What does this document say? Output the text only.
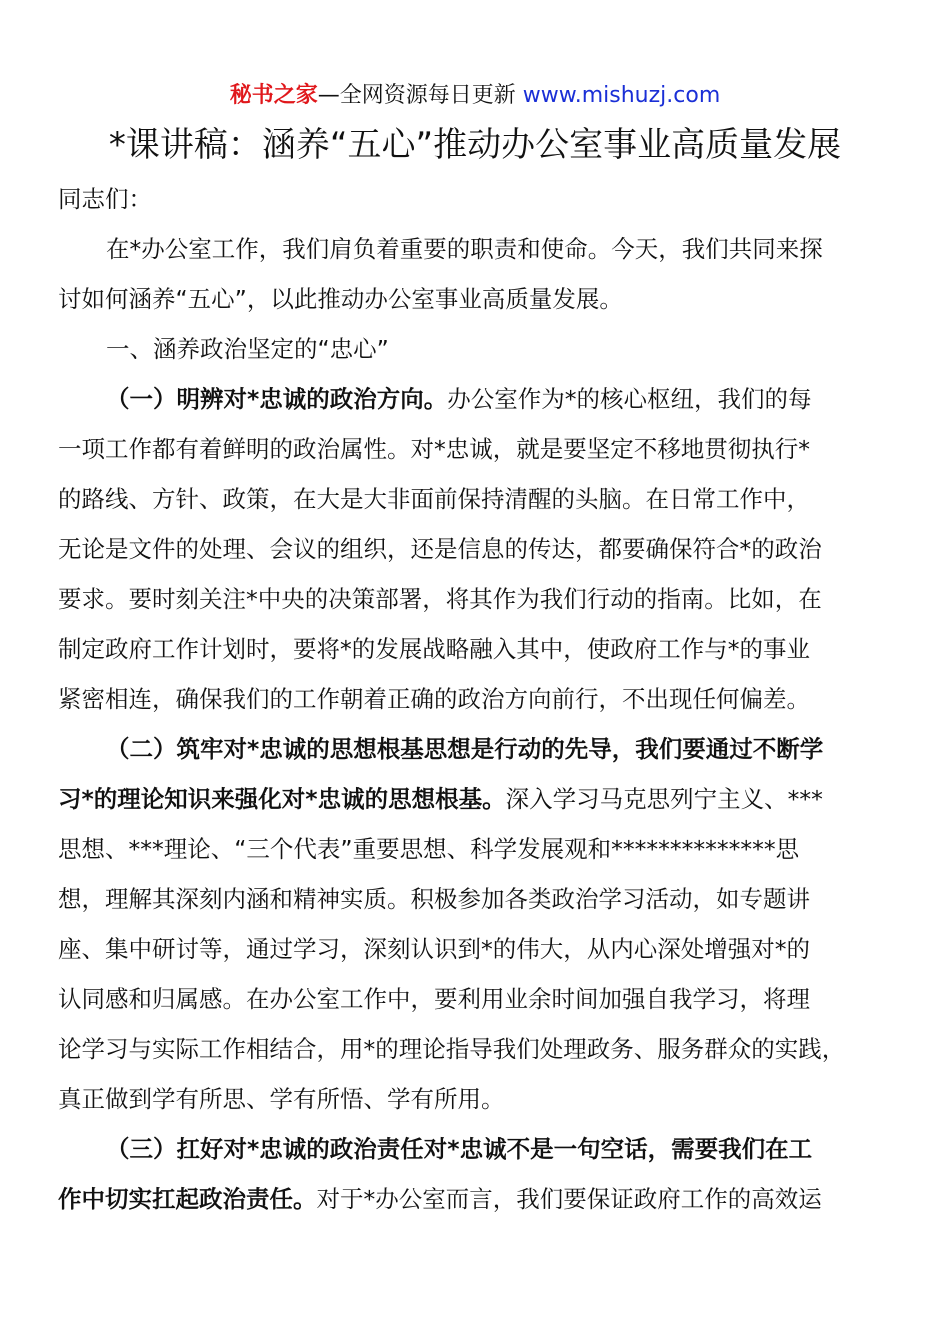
秘书之家—全网资源每日更新 www.mishuzj.com
*课讲稿：涵养“五心”推动办公室事业高质量发展
同志们：
在*办公室工作，我们肩负着重要的职责和使命。今天，我们共同来探
讨如何涵养“五心”，以此推动办公室事业高质量发展。
一、涵养政治坚定的“忠心”
（一）明辨对*忠诚的政治方向。办公室作为*的核心枢纽，我们的每
一项工作都有着鲜明的政治属性。对*忠诚，就是要坚定不移地贯彻执行*
的路线、方针、政策，在大是大非面前保持清醒的头脑。在日常工作中，
无论是文件的处理、会议的组织，还是信息的传达，都要确保符合*的政治
要求。要时刻关注*中央的决策部署，将其作为我们行动的指南。比如，在
制定政府工作计划时，要将*的发展战略融入其中，使政府工作与*的事业
紧密相连，确保我们的工作朝着正确的政治方向前行，不出现任何偏差。
（二）筑牢对*忠诚的思想根基思想是行动的先导，我们要通过不断学
习*的理论知识来强化对*忠诚的思想根基。深入学习马克思列宁主义、***
思想、***理论、“三个代表”重要思想、科学发展观和**************思
想，理解其深刻内涵和精神实质。积极参加各类政治学习活动，如专题讲
座、集中研讨等，通过学习，深刻认识到*的伟大，从内心深处增强对*的
认同感和归属感。在办公室工作中，要利用业余时间加强自我学习，将理
论学习与实际工作相结合，用*的理论指导我们处理政务、服务群众的实践，
真正做到学有所思、学有所悟、学有所用。
（三）扛好对*忠诚的政治责任对*忠诚不是一句空话，需要我们在工
作中切实扛起政治责任。对于*办公室而言，我们要保证政府工作的高效运
